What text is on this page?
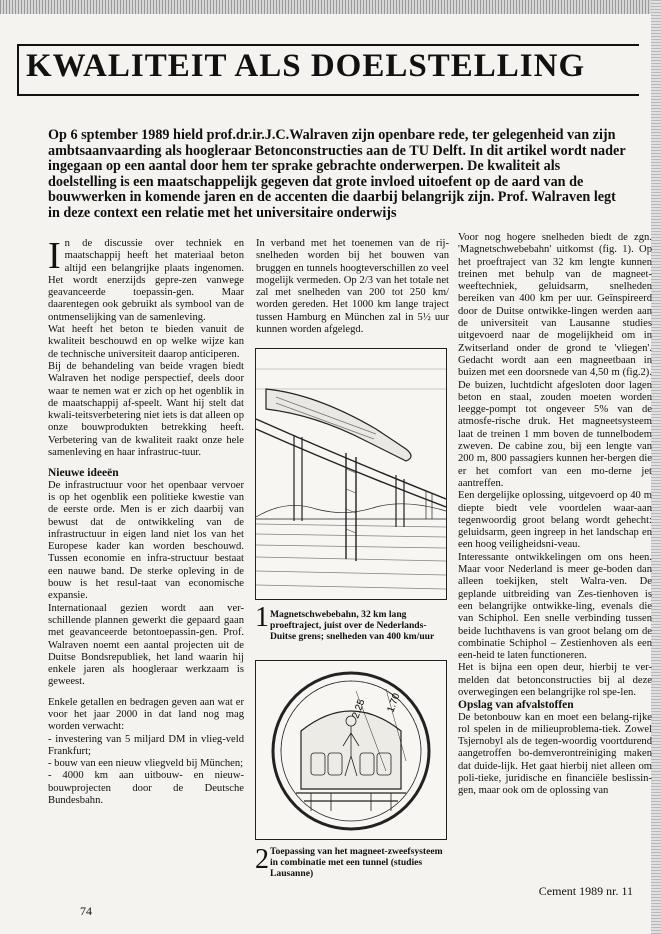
KWALITEIT ALS DOELSTELLING
Op 6 sptember 1989 hield prof.dr.ir.J.C.Walraven zijn openbare rede, ter gelegenheid van zijn ambtsaanvaarding als hoogleraar Betonconstructies aan de TU Delft. In dit artikel wordt nader ingegaan op een aantal door hem ter sprake gebrachte onderwerpen. De kwaliteit als doelstelling is een maatschappelijk gegeven dat grote invloed uitoefent op de aard van de bouwwerken in komende jaren en de accenten die daarbij belangrijk zijn. Prof. Walraven legt in deze context een relatie met het universitaire onderwijs

In de discussie over techniek en maatschappij heeft het materiaal beton altijd een belangrijke plaats ingenomen. Het wordt enerzijds gepre-zen vanwege geavanceerde toepassin-gen. Maar daarentegen ook gebruikt als symbool van de ontmenselijking van de samenleving.

Wat heeft het beton te bieden vanuit de kwaliteit beschouwd en op welke wijze kan de technische universiteit daarop anticiperen.

Bij de behandeling van beide vragen biedt Walraven het nodige perspectief, deels door waar te nemen wat er zich op het ogenblik in de maatschappij af-speelt. Want hij stelt dat kwali-teitsverbetering niet iets is dat alleen op onze bouwprodukten betrekking heeft. Verbetering van de kwaliteit raakt onze hele samenleving en haar infrastruc-tuur.

Nieuwe ideeën

De infrastructuur voor het openbaar vervoer is op het ogenblik een politieke kwestie van de eerste orde. Men is er zich daarbij van bewust dat de ontwikkeling van de infrastructuur in eigen land niet los van het Europese kader kan worden beschouwd. Tussen economie en infra-structuur bestaat een nauwe band. De sterke opleving in de bouw is het resul-taat van economische expansie.

Internationaal gezien wordt aan ver-schillende plannen gewerkt die gepaard gaan met geavanceerde betontoepassin-gen. Prof. Walraven noemt een aantal projecten uit de Duitse Bondsrepubliek, het land waarin hij enkele jaren als hoogleraar werkzaam is geweest.

Enkele getallen en bedragen geven aan wat er voor het jaar 2000 in dat land nog mag worden verwacht:

- investering van 5 miljard DM in vlieg-veld Frankfurt;

- bouw van een nieuw vliegveld bij München;

- 4000 km aan uitbouw- en nieuw-bouwprojecten door de Deutsche Bundesbahn.

In verband met het toenemen van de rij-snelheden worden bij het bouwen van bruggen en tunnels hoogteverschillen zo veel mogelijk vermeden. Op 2/3 van het totale net zal met snelheden van 200 tot 250 km/ worden gereden. Het 1000 km lange traject tussen Hamburg en München zal in 5½ uur kunnen worden afgelegd.

1 Magnetschwebebahn, 32 km lang proeftraject, juist over de Nederlands-Duitse grens; snelheden van 400 km/uur
2.25 1.70
2 Toepassing van het magneet-zweefsysteem in combinatie met een tunnel (studies Lausanne)

Voor nog hogere snelheden biedt de zgn. 'Magnetschwebebahn' uitkomst (fig. 1). Op het proeftraject van 32 km lengte kunnen treinen met behulp van de magneet-weeftechniek, geluidsarm, snelheden bereiken van 400 km per uur. Geïnspireerd door de Duitse ontwikke-lingen werden aan de universiteit van Lausanne studies uitgevoerd naar de mogelijkheid om in Zwitserland onder de grond te 'vliegen'. Gedacht wordt aan een magneetbaan in buizen met een doorsnede van 4,50 m (fig.2). De buizen, luchtdicht afgesloten door lagen beton en staal, zouden moeten worden leegge-pompt tot ongeveer 5% van de atmosfe-rische druk. Het magneetsysteem laat de treinen 1 mm boven de tunnelbodem zweven. De cabine zou, bij een lengte van 200 m, 800 passagiers kunnen her-bergen die er het comfort van een mo-derne jet aantreffen.

Een dergelijke oplossing, uitgevoerd op 40 m diepte biedt vele voordelen waar-aan tegenwoordig groot belang wordt gehecht: geluidsarm, geen ingreep in het landschap en een hoog veiligheidsni-veau.

Interessante ontwikkelingen om ons heen. Maar voor Nederland is meer ge-boden dan alleen toekijken, stelt Walra-ven. De geplande uitbreiding van Zes-tienhoven is een belangrijke ontwikke-ling, evenals die van Schiphol. Een snelle verbinding tussen beide luchthavens is van groot belang om de combinatie Schiphol – Zestienhoven als een een-heid te laten functioneren.

Het is bijna een open deur, hierbij te ver-melden dat betonconstructies bij al deze overwegingen een belangrijke rol spe-len.

Opslag van afvalstoffen

De betonbouw kan en moet een belang-rijke rol spelen in de milieuproblema-tiek. Zowel Tsjernobyl als de tegen-woordig voortdurend aangetroffen bo-demverontreiniging maken dat duide-lijk. Het gaat hierbij niet alleen om poli-tieke, juridische en financiële beslissin-gen, maar ook om de oplossing van

Cement 1989 nr. 11
74
